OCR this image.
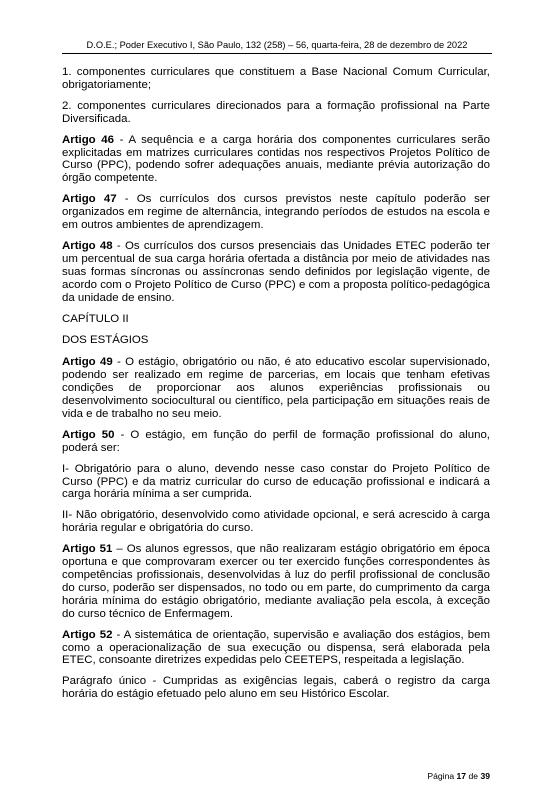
D.O.E.; Poder Executivo I, São Paulo, 132 (258) – 56, quarta-feira, 28 de dezembro de 2022

1. componentes curriculares que constituem a Base Nacional Comum Curricular, obrigatoriamente;

2. componentes curriculares direcionados para a formação profissional na Parte Diversificada.

Artigo 46 - A sequência e a carga horária dos componentes curriculares serão explicitadas em matrizes curriculares contidas nos respectivos Projetos Político de Curso (PPC), podendo sofrer adequações anuais, mediante prévia autorização do órgão competente.

Artigo 47 - Os currículos dos cursos previstos neste capítulo poderão ser organizados em regime de alternância, integrando períodos de estudos na escola e em outros ambientes de aprendizagem.

Artigo 48 - Os currículos dos cursos presenciais das Unidades ETEC poderão ter um percentual de sua carga horária ofertada a distância por meio de atividades nas suas formas síncronas ou assíncronas sendo definidos por legislação vigente, de acordo com o Projeto Político de Curso (PPC) e com a proposta político-pedagógica da unidade de ensino.

CAPÍTULO II

DOS ESTÁGIOS

Artigo 49 - O estágio, obrigatório ou não, é ato educativo escolar supervisionado, podendo ser realizado em regime de parcerias, em locais que tenham efetivas condições de proporcionar aos alunos experiências profissionais ou desenvolvimento sociocultural ou científico, pela participação em situações reais de vida e de trabalho no seu meio.

Artigo 50 - O estágio, em função do perfil de formação profissional do aluno, poderá ser:

I- Obrigatório para o aluno, devendo nesse caso constar do Projeto Político de Curso (PPC) e da matriz curricular do curso de educação profissional e indicará a carga horária mínima a ser cumprida.

II- Não obrigatório, desenvolvido como atividade opcional, e será acrescido à carga horária regular e obrigatória do curso.

Artigo 51 – Os alunos egressos, que não realizaram estágio obrigatório em época oportuna e que comprovaram exercer ou ter exercido funções correspondentes às competências profissionais, desenvolvidas à luz do perfil profissional de conclusão do curso, poderão ser dispensados, no todo ou em parte, do cumprimento da carga horária mínima do estágio obrigatório, mediante avaliação pela escola, à exceção do curso técnico de Enfermagem.

Artigo 52 - A sistemática de orientação, supervisão e avaliação dos estágios, bem como a operacionalização de sua execução ou dispensa, será elaborada pela ETEC, consoante diretrizes expedidas pelo CEETEPS, respeitada a legislação.

Parágrafo único - Cumpridas as exigências legais, caberá o registro da carga horária do estágio efetuado pelo aluno em seu Histórico Escolar.

Página 17 de 39
